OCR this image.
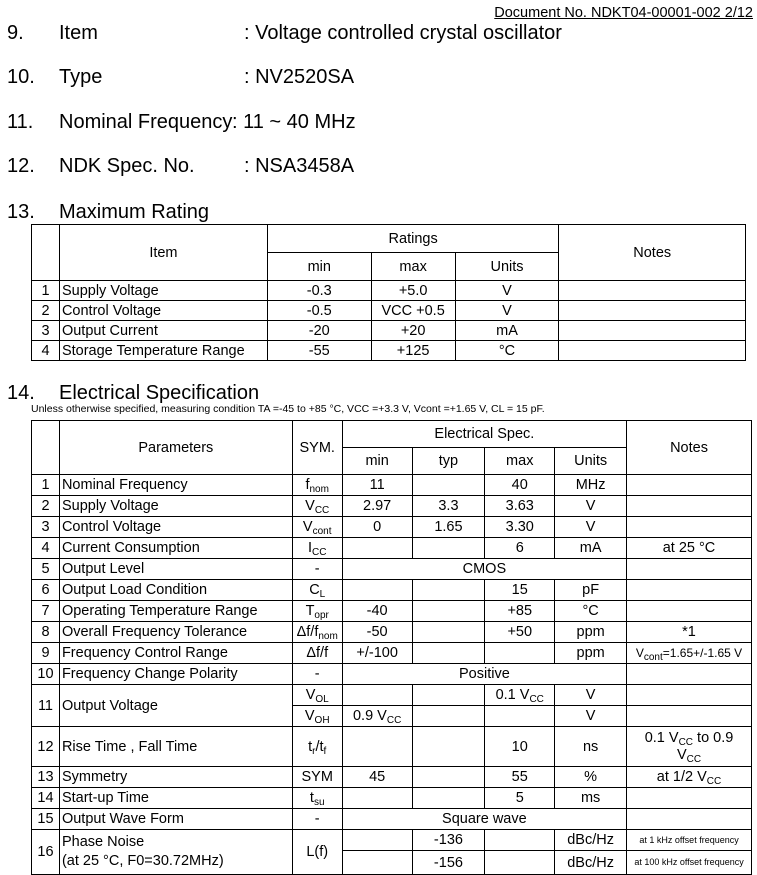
Document No. NDKT04-00001-002 2/12
9. Item	: Voltage controlled crystal oscillator
10. Type	: NV2520SA
11. Nominal Frequency : 11 ~ 40 MHz
12. NDK Spec. No. : NSA3458A
13. Maximum Rating
	Item	Ratings			Notes
		min	max	Units	
1	Supply Voltage	-0.3	+5.0	V	
2	Control Voltage	-0.5	VCC +0.5	V	
3	Output Current	-20	+20	mA	
4	Storage Temperature Range	-55	+125	°C	
14. Electrical Specification
Unless otherwise specified, measuring condition TA =-45 to +85 °C, VCC =+3.3 V, Vcont =+1.65 V, CL = 15 pF.
	Parameters	SYM.	Electrical Spec.				Notes
			min	typ	max	Units	
1	Nominal Frequency	$f_{nom}$	11		40	MHz	
2	Supply Voltage	$V_{CC}$	2.97	3.3	3.63	V	
3	Control Voltage	$V_{cont}$	0	1.65	3.30	V	
4	Current Consumption	$I_{CC}$			6	mA	at 25 °C
5	Output Level	-	CMOS				
6	Output Load Condition	$C_L$			15	pF	
7	Operating Temperature Range	$T_{opr}$	-40		+85	°C	
8	Overall Frequency Tolerance	$\Delta f/f_{nom}$	-50		+50	ppm	*1
9	Frequency Control Range	Δf/f	+/-100			ppm	$V_{cont}=1.65+/-1.65$ V
10	Frequency Change Polarity	-	Positive				
11	Output Voltage	$V_{OL}$			0.1 $V_{CC}$	V	
		$V_{OH}$	0.9 $V_{CC}$			V	
12	Rise Time , Fall Time	$t_r/t_f$			10	ns	0.1 $V_{CC}$ to 0.9
$V_{CC}$
13	Symmetry	SYM	45		55	%	at 1/2 $V_{CC}$
14	Start-up Time	$t_{su}$			5	ms	
15	Output Wave Form	-	Square wave				
16	Phase Noise
(at 25 °C, F0=30.72MHz)	L(f)		-136		dBc/Hz	at 1 kHz offset frequency
				-156		dBc/Hz	at 100 kHz offset frequency
